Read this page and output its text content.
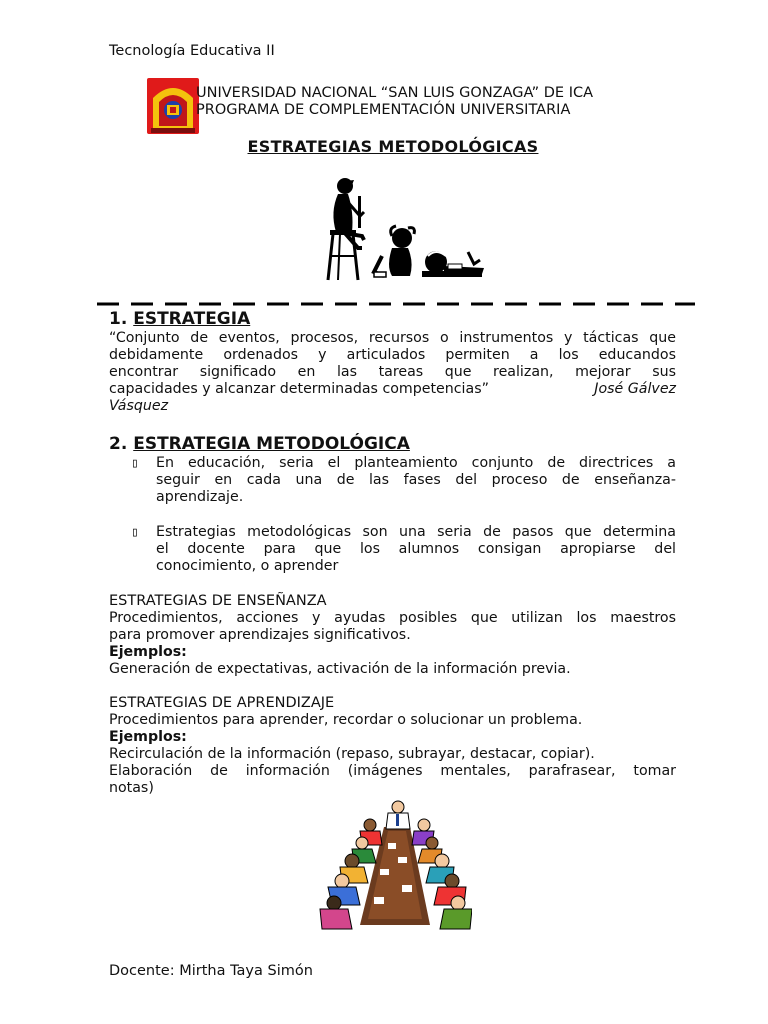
Tecnología Educativa II
UNIVERSIDAD NACIONAL “SAN LUIS GONZAGA” DE ICA
PROGRAMA DE COMPLEMENTACIÓN UNIVERSITARIA
ESTRATEGIAS METODOLÓGICAS
1. ESTRATEGIA
“Conjunto de eventos, procesos, recursos o instrumentos y tácticas que
debidamente ordenados y articulados permiten a los educandos
encontrar significado en las tareas que realizan, mejorar sus
capacidades y alcanzar determinadas competencias”	José Gálvez
Vásquez
2. ESTRATEGIA METODOLÓGICA
▯ En educación, seria el planteamiento conjunto de directrices a
seguir en cada una de las fases del proceso de enseñanza-
aprendizaje.
▯ Estrategias metodológicas son una seria de pasos que determina
el docente para que los alumnos consigan apropiarse del
conocimiento, o aprender
ESTRATEGIAS DE ENSEÑANZA
Procedimientos, acciones y ayudas posibles que utilizan los maestros
para promover aprendizajes significativos.
Ejemplos:
Generación de expectativas, activación de la información previa.
ESTRATEGIAS DE APRENDIZAJE
Procedimientos para aprender, recordar o solucionar un problema.
Ejemplos:
Recirculación de la información (repaso, subrayar, destacar, copiar).
Elaboración de información (imágenes mentales, parafrasear, tomar
notas)
Docente: Mirtha Taya Simón
